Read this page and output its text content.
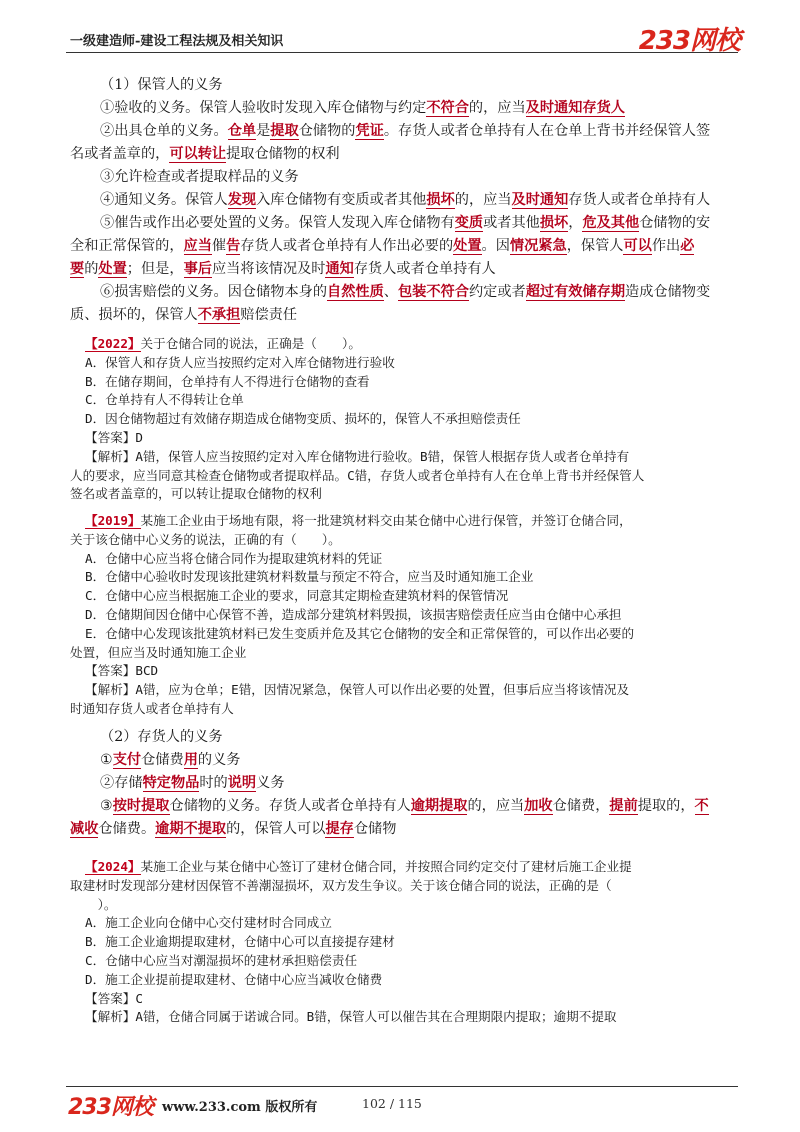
一级建造师-建设工程法规及相关知识	233网校

（1）保管人的义务

①验收的义务。保管人验收时发现入库仓储物与约定不符合的，应当及时通知存货人

②出具仓单的义务。仓单是提取仓储物的凭证。存货人或者仓单持有人在仓单上背书并经保管人签

名或者盖章的，可以转让提取仓储物的权利

③允许检查或者提取样品的义务

④通知义务。保管人发现入库仓储物有变质或者其他损坏的，应当及时通知存货人或者仓单持有人

⑤催告或作出必要处置的义务。保管人发现入库仓储物有变质或者其他损坏，危及其他仓储物的安

全和正常保管的，应当催告存货人或者仓单持有人作出必要的处置。因情况紧急，保管人可以作出必

要的处置；但是，事后应当将该情况及时通知存货人或者仓单持有人

⑥损害赔偿的义务。因仓储物本身的自然性质、包装不符合约定或者超过有效储存期造成仓储物变

质、损坏的，保管人不承担赔偿责任

【2022】关于仓储合同的说法，正确是（　　）。

A．保管人和存货人应当按照约定对入库仓储物进行验收

B．在储存期间，仓单持有人不得进行仓储物的查看

C．仓单持有人不得转让仓单

D．因仓储物超过有效储存期造成仓储物变质、损坏的，保管人不承担赔偿责任

【答案】D

【解析】A错，保管人应当按照约定对入库仓储物进行验收。B错，保管人根据存货人或者仓单持有

人的要求，应当同意其检查仓储物或者提取样品。C错，存货人或者仓单持有人在仓单上背书并经保管人

签名或者盖章的，可以转让提取仓储物的权利

【2019】某施工企业由于场地有限，将一批建筑材料交由某仓储中心进行保管，并签订仓储合同，

关于该仓储中心义务的说法，正确的有（　　）。

A．仓储中心应当将仓储合同作为提取建筑材料的凭证

B．仓储中心验收时发现该批建筑材料数量与预定不符合，应当及时通知施工企业

C．仓储中心应当根据施工企业的要求，同意其定期检查建筑材料的保管情况

D．仓储期间因仓储中心保管不善，造成部分建筑材料毁损，该损害赔偿责任应当由仓储中心承担

E．仓储中心发现该批建筑材料已发生变质并危及其它仓储物的安全和正常保管的，可以作出必要的

处置，但应当及时通知施工企业

【答案】BCD

【解析】A错，应为仓单；E错，因情况紧急，保管人可以作出必要的处置，但事后应当将该情况及

时通知存货人或者仓单持有人

（2）存货人的义务

①支付仓储费用的义务

②存储特定物品时的说明义务

③按时提取仓储物的义务。存货人或者仓单持有人逾期提取的，应当加收仓储费，提前提取的，不

减收仓储费。逾期不提取的，保管人可以提存仓储物

【2024】某施工企业与某仓储中心签订了建材仓储合同，并按照合同约定交付了建材后施工企业提

取建材时发现部分建材因保管不善潮湿损坏，双方发生争议。关于该仓储合同的说法，正确的是（

　）。

A．施工企业向仓储中心交付建材时合同成立

B．施工企业逾期提取建材，仓储中心可以直接提存建材

C．仓储中心应当对潮湿损坏的建材承担赔偿责任

D．施工企业提前提取建材、仓储中心应当减收仓储费

【答案】C

【解析】A错，仓储合同属于诺诚合同。B错，保管人可以催告其在合理期限内提取；逾期不提取

233网校 www.233.com 版权所有	102 / 115
